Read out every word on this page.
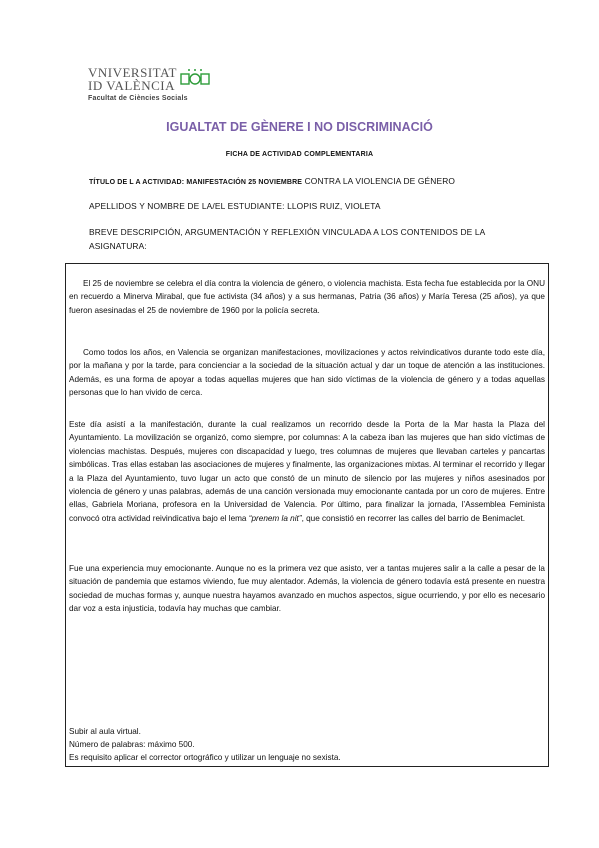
VNIVERSITAT
ID VALÈNCIA
Facultat de Ciències Socials
IGUALTAT DE GÈNERE I NO DISCRIMINACIÓ
FICHA DE ACTIVIDAD COMPLEMENTARIA
TÍTULO DE L A ACTIVIDAD: MANIFESTACIÓN 25 NOVIEMBRE CONTRA LA VIOLENCIA DE GÉNERO
APELLIDOS Y NOMBRE DE LA/EL ESTUDIANTE: LLOPIS RUIZ, VIOLETA
BREVE DESCRIPCIÓN, ARGUMENTACIÓN Y REFLEXIÓN VINCULADA A LOS CONTENIDOS DE LA ASIGNATURA:
El 25 de noviembre se celebra el día contra la violencia de género, o violencia machista. Esta fecha fue establecida por la ONU en recuerdo a Minerva Mirabal, que fue activista (34 años) y a sus hermanas, Patria (36 años) y María Teresa (25 años), ya que fueron asesinadas el 25 de noviembre de 1960 por la policía secreta.
Como todos los años, en Valencia se organizan manifestaciones, movilizaciones y actos reivindicativos durante todo este día, por la mañana y por la tarde, para concienciar a la sociedad de la situación actual y dar un toque de atención a las instituciones. Además, es una forma de apoyar a todas aquellas mujeres que han sido víctimas de la violencia de género y a todas aquellas personas que lo han vivido de cerca.
Este día asistí a la manifestación, durante la cual realizamos un recorrido desde la Porta de la Mar hasta la Plaza del Ayuntamiento. La movilización se organizó, como siempre, por columnas: A la cabeza iban las mujeres que han sido víctimas de violencias machistas. Después, mujeres con discapacidad y luego, tres columnas de mujeres que llevaban carteles y pancartas simbólicas. Tras ellas estaban las asociaciones de mujeres y finalmente, las organizaciones mixtas. Al terminar el recorrido y llegar a la Plaza del Ayuntamiento, tuvo lugar un acto que constó de un minuto de silencio por las mujeres y niños asesinados por violencia de género y unas palabras, además de una canción versionada muy emocionante cantada por un coro de mujeres. Entre ellas, Gabriela Moriana, profesora en la Universidad de Valencia. Por último, para finalizar la jornada, l’Assemblea Feminista convocó otra actividad reivindicativa bajo el lema “prenem la nit”, que consistió en recorrer las calles del barrio de Benimaclet.
Fue una experiencia muy emocionante. Aunque no es la primera vez que asisto, ver a tantas mujeres salir a la calle a pesar de la situación de pandemia que estamos viviendo, fue muy alentador. Además, la violencia de género todavía está presente en nuestra sociedad de muchas formas y, aunque nuestra hayamos avanzado en muchos aspectos, sigue ocurriendo, y por ello es necesario dar voz a esta injusticia, todavía hay muchas que cambiar.
Subir al aula virtual.
Número de palabras: máximo 500.
Es requisito aplicar el corrector ortográfico y utilizar un lenguaje no sexista.
